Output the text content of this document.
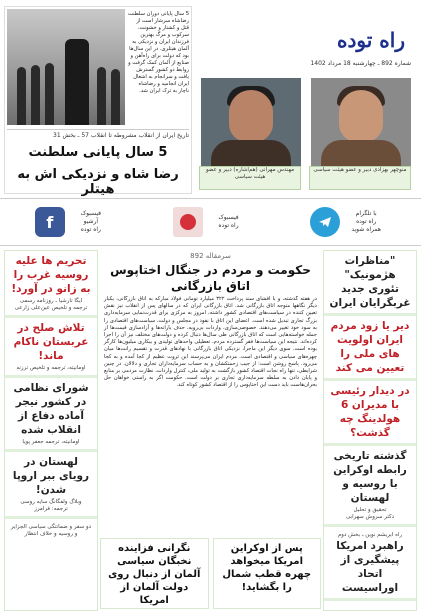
راه توده
شماره 892 ـ چهارشنبه 18 مرداد 1402
منوچهر بهزادی دبیر و عضو هیئت سیاسی
مهندس مهرانی (هم‌اشاره) دبیر و عضو هیئت سیاسی
5 سال پایانی دوران سلطنت رضاشاه سرشار است از قتل و کشتار و خشونت، سرکوب و مرگ بهترین فرزندان ایران و نزدیکی به آلمان هیتلری. در این سال‌ها بود که دولت برای راه‌آهن و صنایع از آلمان کمک گرفت و روابط دو کشور گسترش یافت و سرانجام به اشغال ایران انجامید و رضاشاه ناچار به ترک ایران شد.
تاریخ ایران از انقلاب مشروطه تا انقلاب 57 ـ بخش 31
5 سال پایانی سلطنت
رضا شاه و نزدیکی اش به هیتلر
با تلگرام
راه توده
همراه شوید
فیسبوک
راه توده
فیسبوک
آرشیو
راه توده
f
"مناظرات هژمونیک" تئوری جدید غربگرایان ایران
دیر یا زود مردم ایران اولویت های ملی را تعیین می کند
در دیدار رئیسی با مدیران 6 هولدینگ چه گذشت؟
گذشته تاریخی رابطه اوکراین با روسیه و لهستان
تحقیق و تحلیل
دکتر سروش سهرابی
راه ابریشم نوین ـ بخش دوم
راهبرد امریکا پیشگیری از اتحاد اوراسیست
سرمقاله 892
حکومت و مردم در جنگال اختاپوس اتاق بازرگانی
در هفته گذشته، و با افشای سند پرداخت ۳۲۲ میلیارد تومانی فولاد مبارکه به اتاق بازرگانی، یکبار دیگر نگاهها متوجه اتاق بازرگانی شد. اتاق بازرگانی ایران که در سالهای پس از انقلاب نیز نقش تعیین کننده در سیاست‌های اقتصادی کشور داشته، امروز به مرکزی برای قدرت‌نمایی سرمایه‌داری بزرگ تجاری تبدیل شده است. اعضای این اتاق با نفوذ در مجلس و دولت، سیاست‌های اقتصادی را به سود خود تغییر می‌دهند. خصوصی‌سازی، واردات بی‌رویه، حذف یارانه‌ها و آزادسازی قیمت‌ها از جمله خواسته‌هایی است که اتاق بازرگانی طی سال‌ها دنبال کرده و دولت‌های مختلف نیز آن را اجرا کرده‌اند. نتیجه این سیاست‌ها فقر گسترده مردم، تعطیلی واحدهای تولیدی و بیکاری میلیون‌ها کارگر بوده است. سوی دیگر این ماجرا، نزدیکی اتاق بازرگانی با نهادهای قدرت و تقسیم رانت‌ها میان چهره‌های سیاسی و اقتصادی است. مردم ایران می‌پرسند این ثروت عظیم از کجا آمده و به کجا می‌رود. پاسخ روشن است: از جیب زحمتکشان و به حساب سرمایه‌داران تجاری و دلالان. در چنین شرایطی، تنها راه نجات اقتصاد کشور بازگشت به تولید ملی، کنترل واردات، نظارت مردمی بر منابع و پایان دادن به سلطه سرمایه‌داری تجاری بر دولت است. حکومت اگر به راستی خواهان حل بحران‌هاست باید دست این اختاپوس را از اقتصاد کشور کوتاه کند.
پس از اوکراین امریکا میخواهد چهره قطب شمال را بگشاید!
نگرانی فزاینده نخبگان سیاسی آلمان از دنبال روی دولت آلمان از امریکا
تحریم ها علیه روسیه غرب را به زانو در آورد!
ایگا تارشیا ـ روزنامه رسمی
ترجمه و تلخیص عین‌علی زارعی
تلاش صلح در عربستان ناکام ماند!
اومانیته، ترجمه و تلخیص ترزنه
شورای نظامی در کشور نیجر آماده دفاع از انقلاب شده
اومانیته، ترجمه جعفر پویا
لهستان در رویای ببر اروپا شدن!
وبلاگ ولفگانگ سایه روسی
ترجمه: فرامرز
دو سفر و ضمانتگی سیاسی الجزایر و روسیه و خلاف انتظار
